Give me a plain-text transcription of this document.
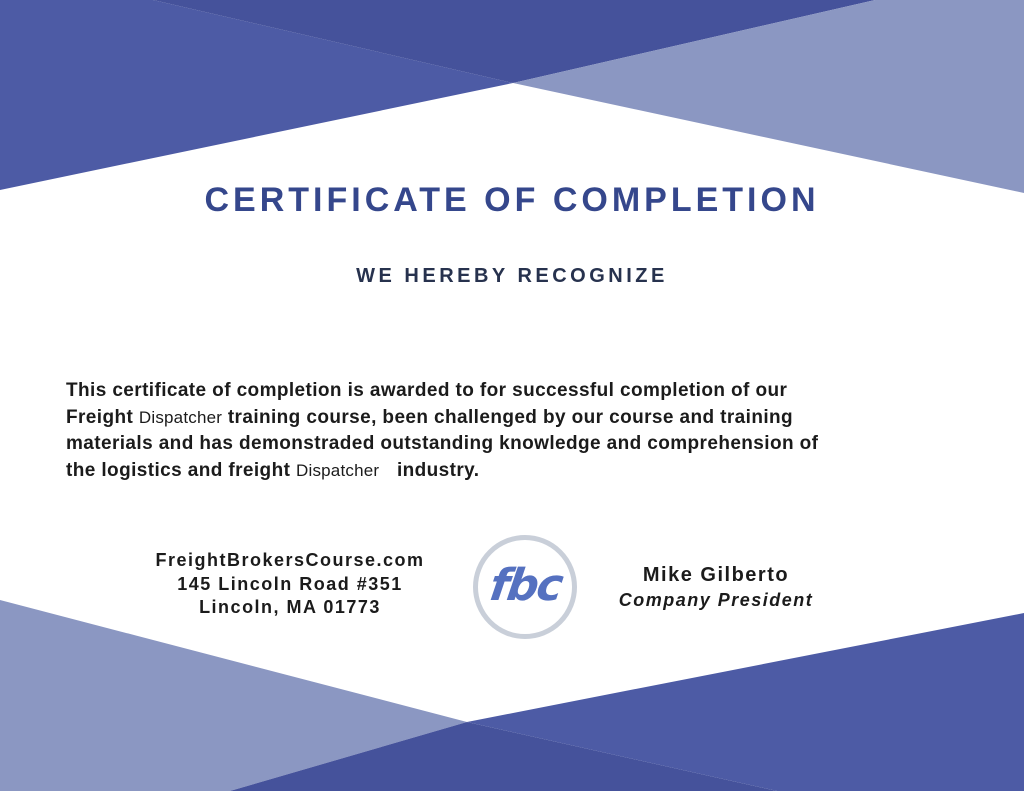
CERTIFICATE OF COMPLETION
WE HEREBY RECOGNIZE
This certificate of completion is awarded to for successful completion of our
Freight Dispatcher training course, been challenged by our course and training
materials and has demonstraded outstanding knowledge and comprehension of
the logistics and freight Dispatcher industry.
FreightBrokersCourse.com
145 Lincoln Road #351
Lincoln, MA 01773	fbc	Mike Gilberto
Company President
